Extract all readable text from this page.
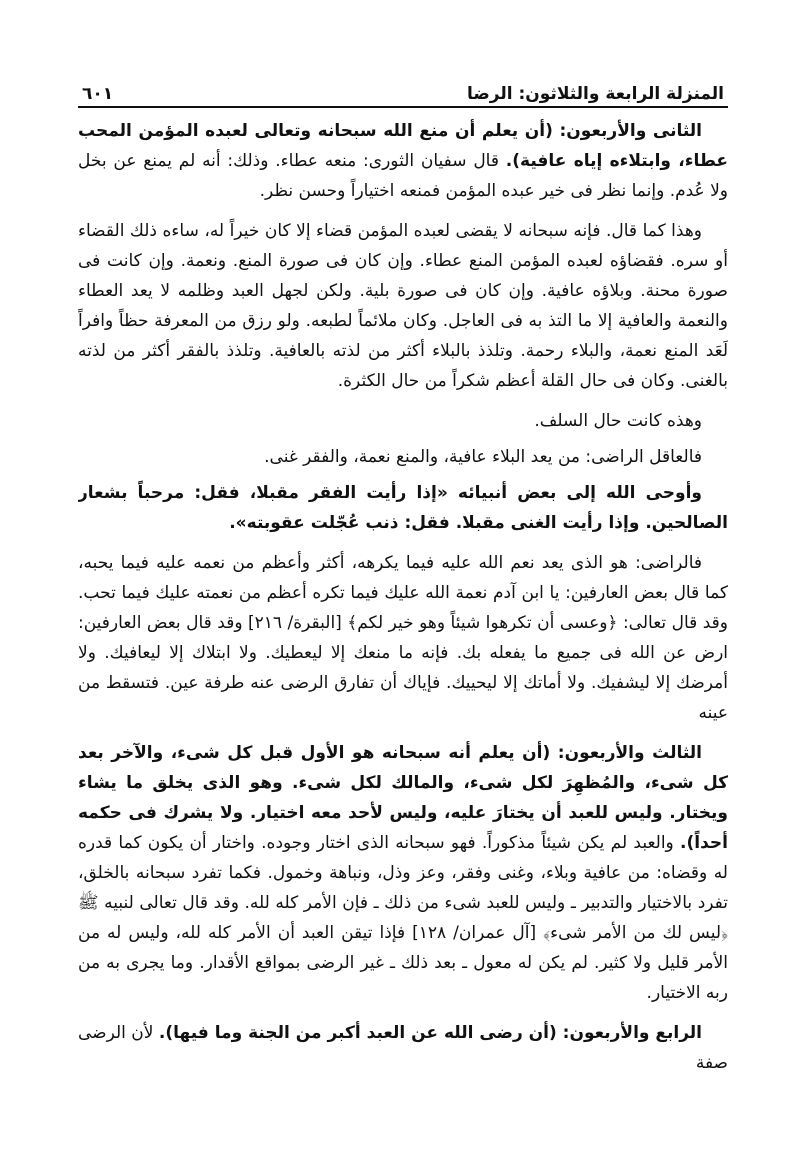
المنزلة الرابعة والثلاثون: الرضا
٦٠١

الثانى والأربعون: (أن يعلم أن منع الله سبحانه وتعالى لعبده المؤمن المحب عطاء، وابتلاءه إياه عافية). قال سفيان الثورى: منعه عطاء. وذلك: أنه لم يمنع عن بخل ولا عُدم. وإنما نظر فى خير عبده المؤمن فمنعه اختياراً وحسن نظر.

وهذا كما قال. فإنه سبحانه لا يقضى لعبده المؤمن قضاء إلا كان خيراً له، ساءه ذلك القضاء أو سره. فقضاؤه لعبده المؤمن المنع عطاء. وإن كان فى صورة المنع. ونعمة. وإن كانت فى صورة محنة. وبلاؤه عافية. وإن كان فى صورة بلية. ولكن لجهل العبد وظلمه لا يعد العطاء والنعمة والعافية إلا ما التذ به فى العاجل. وكان ملائماً لطبعه. ولو رزق من المعرفة حظاً وافراً لَعَد المنع نعمة، والبلاء رحمة. وتلذذ بالبلاء أكثر من لذته بالعافية. وتلذذ بالفقر أكثر من لذته بالغنى. وكان فى حال القلة أعظم شكراً من حال الكثرة.

وهذه كانت حال السلف.

فالعاقل الراضى: من يعد البلاء عافية، والمنع نعمة، والفقر غنى.

وأوحى الله إلى بعض أنبيائه «إذا رأيت الفقر مقبلا، فقل: مرحباً بشعار الصالحين. وإذا رأيت الغنى مقبلا. فقل: ذنب عُجّلت عقوبته».

فالراضى: هو الذى يعد نعم الله عليه فيما يكرهه، أكثر وأعظم من نعمه عليه فيما يحبه، كما قال بعض العارفين: يا ابن آدم نعمة الله عليك فيما تكره أعظم من نعمته عليك فيما تحب. وقد قال تعالى: ﴿وعسى أن تكرهوا شيئاً وهو خير لكم﴾ [البقرة/ ٢١٦] وقد قال بعض العارفين: ارض عن الله فى جميع ما يفعله بك. فإنه ما منعك إلا ليعطيك. ولا ابتلاك إلا ليعافيك. ولا أمرضك إلا ليشفيك. ولا أماتك إلا ليحييك. فإياك أن تفارق الرضى عنه طرفة عين. فتسقط من عينه

الثالث والأربعون: (أن يعلم أنه سبحانه هو الأول قبل كل شىء، والآخر بعد كل شىء، والمُظهِرَ لكل شىء، والمالك لكل شىء. وهو الذى يخلق ما يشاء ويختار. وليس للعبد أن يختارَ عليه، وليس لأحد معه اختيار. ولا يشرك فى حكمه أحداً). والعبد لم يكن شيئاً مذكوراً. فهو سبحانه الذى اختار وجوده. واختار أن يكون كما قدره له وقضاه: من عافية وبلاء، وغنى وفقر، وعز وذل، ونباهة وخمول. فكما تفرد سبحانه بالخلق، تفرد بالاختيار والتدبير ـ وليس للعبد شىء من ذلك ـ فإن الأمر كله لله. وقد قال تعالى لنبيه ﷺ ﴿ليس لك من الأمر شىء﴾ [آل عمران/ ١٢٨] فإذا تيقن العبد أن الأمر كله لله، وليس له من الأمر قليل ولا كثير. لم يكن له معول ـ بعد ذلك ـ غير الرضى بمواقع الأقدار. وما يجرى به من ربه الاختيار.

الرابع والأربعون: (أن رضى الله عن العبد أكبر من الجنة وما فيها). لأن الرضى صفة
